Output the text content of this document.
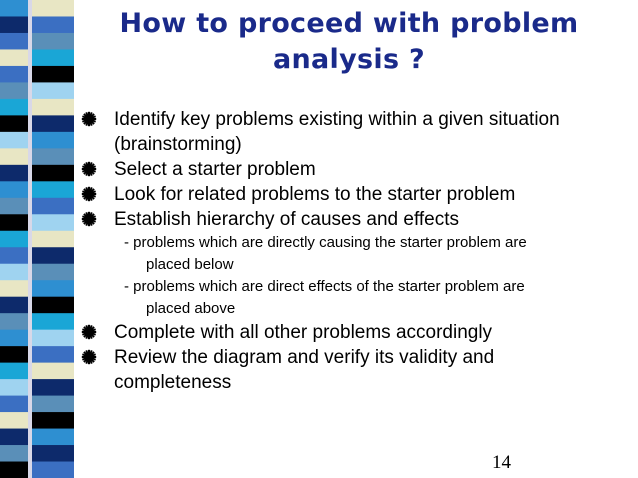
How to proceed with problem
analysis ?
Identify key problems existing within a given situation
(brainstorming)
Select a starter problem
Look for related problems to the starter problem
Establish hierarchy of causes and effects
- problems which are directly causing the starter problem are
placed below
- problems which are direct effects of the starter problem are
placed above
Complete with all other problems accordingly
Review the diagram and verify its validity and
completeness
14
